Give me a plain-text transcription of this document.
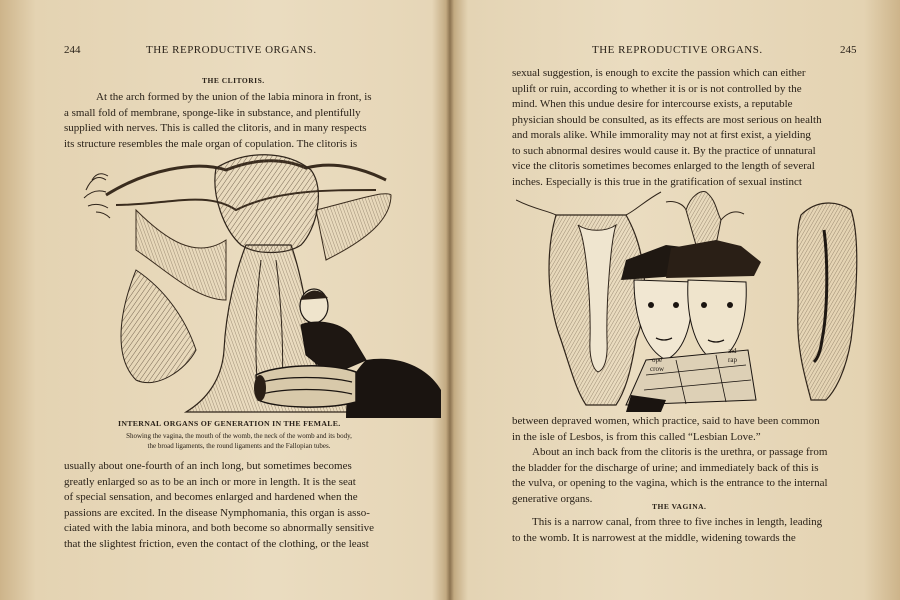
244	THE REPRODUCTIVE ORGANS.
THE CLITORIS.

At the arch formed by the union of the labia minora in front, is

a small fold of membrane, sponge-like in substance, and plentifully

supplied with nerves. This is called the clitoris, and in many respects

its structure resembles the male organ of copulation. The clitoris is

INTERNAL ORGANS OF GENERATION IN THE FEMALE.
Showing the vagina, the mouth of the womb, the neck of the womb and its body,
the broad ligaments, the round ligaments and the Fallopian tubes.

usually about one-fourth of an inch long, but sometimes becomes

greatly enlarged so as to be an inch or more in length. It is the seat

of special sensation, and becomes enlarged and hardened when the

passions are excited. In the disease Nymphomania, this organ is asso-

ciated with the labia minora, and both become so abnormally sensitive

that the slightest friction, even the contact of the clothing, or the least

THE REPRODUCTIVE ORGANS.	245

sexual suggestion, is enough to excite the passion which can either

uplift or ruin, according to whether it is or is not controlled by the

mind. When this undue desire for intercourse exists, a reputable

physician should be consulted, as its effects are most serious on health

and morals alike. While immorality may not at first exist, a yielding

to such abnormal desires would cause it. By the practice of unnatural

vice the clitoris sometimes becomes enlarged to the length of several

inches. Especially is this true in the gratification of sexual instinct

ope
crow
aid
rap

between depraved women, which practice, said to have been common

in the isle of Lesbos, is from this called “Lesbian Love.”

About an inch back from the clitoris is the urethra, or passage from

the bladder for the discharge of urine; and immediately back of this is

the vulva, or opening to the vagina, which is the entrance to the internal

generative organs.

THE VAGINA.

This is a narrow canal, from three to five inches in length, leading

to the womb. It is narrowest at the middle, widening towards the
